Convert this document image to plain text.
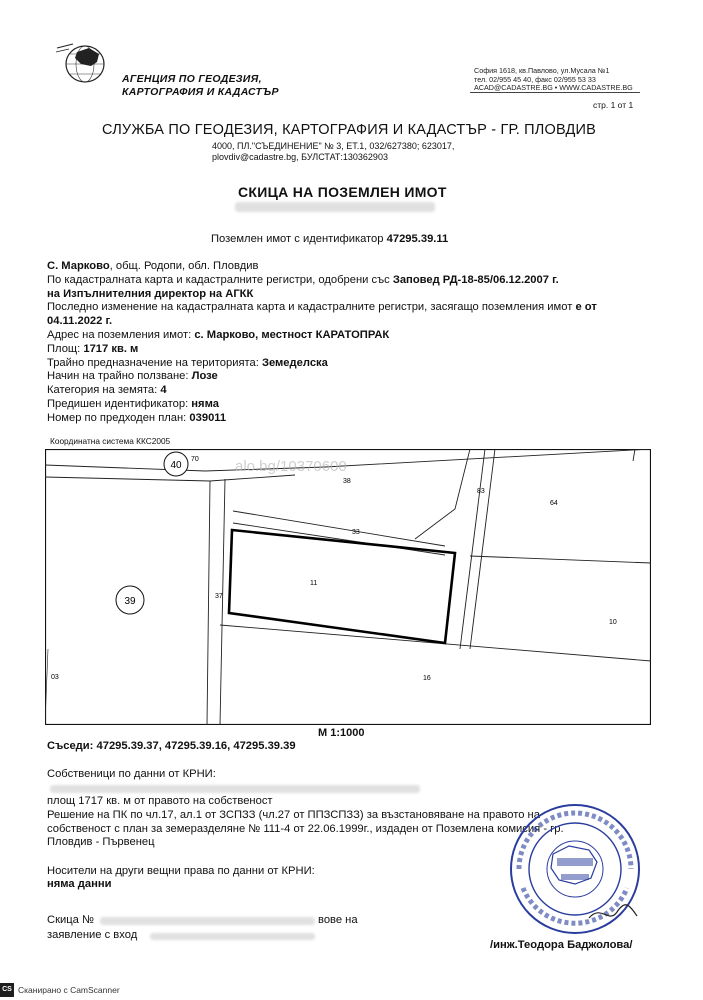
АГЕНЦИЯ ПО ГЕОДЕЗИЯ,
КАРТОГРАФИЯ И КАДАСТЪР
София 1618, кв.Павлово, ул.Мусала №1
тел. 02/955 45 40, факс 02/955 53 33
ACAD@CADASTRE.BG • WWW.CADASTRE.BG
стр. 1 от 1
СЛУЖБА ПО ГЕОДЕЗИЯ, КАРТОГРАФИЯ И КАДАСТЪР - ГР. ПЛОВДИВ
4000, ПЛ."СЪЕДИНЕНИЕ" № 3, ЕТ.1, 032/627380; 623017,
plovdiv@cadastre.bg, БУЛСТАТ:130362903
СКИЦА НА ПОЗЕМЛЕН ИМОТ
Поземлен имот с идентификатор 47295.39.11
С. Марково, общ. Родопи, обл. Пловдив
По кадастралната карта и кадастралните регистри, одобрени със Заповед РД-18-85/06.12.2007 г.
на Изпълнителния директор на АГКК
Последно изменение на кадастралната карта и кадастралните регистри, засягащо поземления имот е от
04.11.2022 г.
Адрес на поземления имот: с. Марково, местност КАРАТОПРАК
Площ: 1717 кв. м
Трайно предназначение на територията: Земеделска
Начин на трайно ползване: Лозе
Категория на земята: 4
Предишен идентификатор: няма
Номер по предходен план: 039011
Координатна система ККС2005
40
70
39
38
83
64
33
11
37
10
16
03
alo.bg/10370600
М 1:1000
Съседи: 47295.39.37, 47295.39.16, 47295.39.39
Собственици по данни от КРНИ:
площ 1717 кв. м от правото на собственост
Решение на ПК по чл.17, ал.1 от ЗСПЗЗ (чл.27 от ППЗСПЗЗ) за възстановяване на правото на
собственост с план за земеразделяне № 111-4 от 22.06.1999г., издаден от Поземлена комисия - гр.
Пловдив - Първенец
Носители на други вещни права по данни от КРНИ:
няма данни
Скица №	вове на
заявление с вход
/инж.Теодора Баджолова/
CS Сканирано с CamScanner
